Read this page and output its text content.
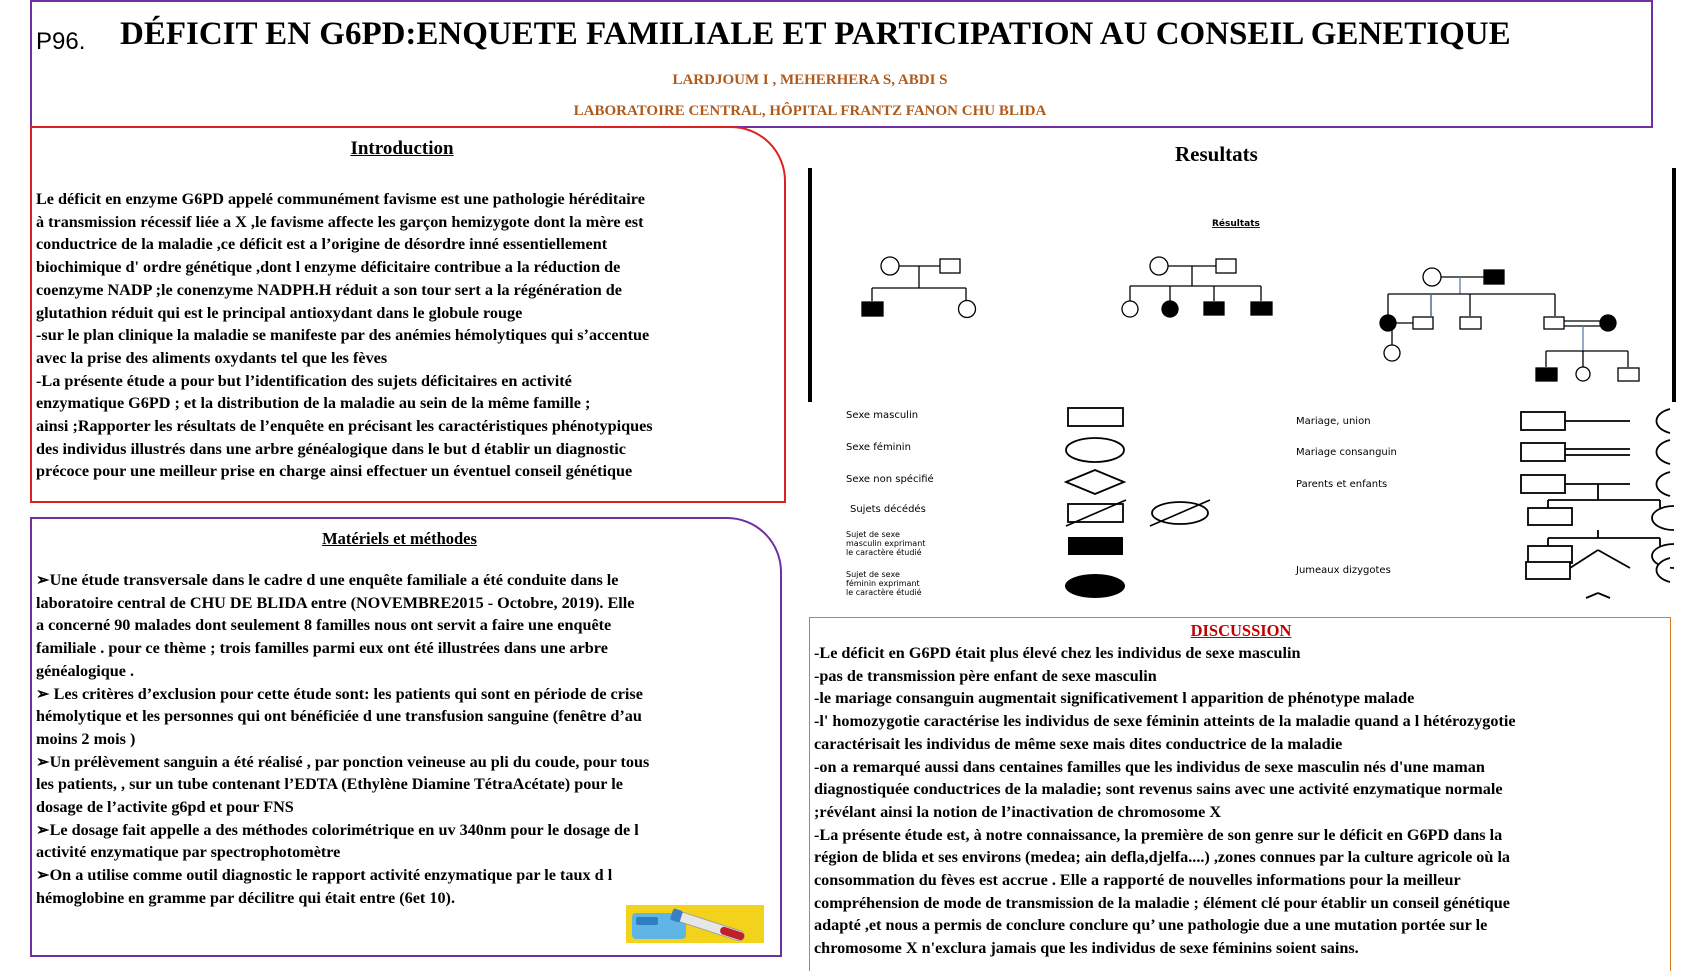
P96. DÉFICIT EN G6PD:ENQUETE FAMILIALE ET PARTICIPATION AU CONSEIL GENETIQUE
LARDJOUM I , MEHERHERA S, ABDI S
LABORATOIRE CENTRAL, HÔPITAL FRANTZ FANON CHU BLIDA
Introduction
Le déficit en enzyme G6PD appelé communément favisme est une pathologie héréditaire
à transmission récessif liée a X ,le favisme affecte les garçon hemizygote dont la mère est
conductrice de la maladie ,ce déficit est a l’origine de désordre inné essentiellement
biochimique d' ordre génétique ,dont l enzyme déficitaire contribue a la réduction de
coenzyme NADP ;le conenzyme NADPH.H réduit a son tour sert a la régénération de
glutathion réduit qui est le principal antioxydant dans le globule rouge
-sur le plan clinique la maladie se manifeste par des anémies hémolytiques qui s’accentue
avec la prise des aliments oxydants tel que les fèves
-La présente étude a pour but l’identification des sujets déficitaires en activité
enzymatique G6PD ; et la distribution de la maladie au sein de la même famille ;
ainsi ;Rapporter les résultats de l’enquête en précisant les caractéristiques phénotypiques
des individus illustrés dans une arbre généalogique dans le but d établir un diagnostic
précoce pour une meilleur prise en charge ainsi effectuer un éventuel conseil génétique
Matériels et méthodes
➢Une étude transversale dans le cadre d une enquête familiale a été conduite dans le
laboratoire central de CHU DE BLIDA entre (NOVEMBRE2015 - Octobre, 2019). Elle
a concerné 90 malades dont seulement 8 familles nous ont servit a faire une enquête
familiale . pour ce thème ; trois familles parmi eux ont été illustrées dans une arbre
généalogique .
➢ Les critères d’exclusion pour cette étude sont: les patients qui sont en période de crise
hémolytique et les personnes qui ont bénéficiée d une transfusion sanguine (fenêtre d’au
moins 2 mois )
➢Un prélèvement sanguin a été réalisé , par ponction veineuse au pli du coude, pour tous
les patients, , sur un tube contenant l’EDTA (Ethylène Diamine TétraAcétate) pour le
dosage de l’activite g6pd et pour FNS
➢Le dosage fait appelle a des méthodes colorimétrique en uv 340nm pour le dosage de l
activité enzymatique par spectrophotomètre
➢On a utilise comme outil diagnostic le rapport activité enzymatique par le taux d l
hémoglobine en gramme par décilitre qui était entre (6et 10).
Resultats
Résultats
Sexe masculin
Sexe féminin
Sexe non spécifié
Sujets décédés
Sujet de sexe masculin exprimant le caractère étudié
Sujet de sexe féminin exprimant le caractère étudié
Mariage, union
Mariage consanguin
Parents et enfants
Jumeaux dizygotes
DISCUSSION
-Le déficit en G6PD était plus élevé chez les individus de sexe masculin
-pas de transmission père enfant de sexe masculin
-le mariage consanguin augmentait significativement l apparition de phénotype malade
-l' homozygotie caractérise les individus de sexe féminin atteints de la maladie quand a l hétérozygotie
caractérisait les individus de même sexe mais dites conductrice de la maladie
-on a remarqué aussi dans centaines familles que les individus de sexe masculin nés d'une maman
diagnostiquée conductrices de la maladie; sont revenus sains avec une activité enzymatique normale
;révélant ainsi la notion de l’inactivation de chromosome X
-La présente étude est, à notre connaissance, la première de son genre sur le déficit en G6PD dans la
région de blida et ses environs (medea; ain defla,djelfa....) ,zones connues par la culture agricole où la
consommation du fèves est accrue . Elle a rapporté de nouvelles informations pour la meilleur
compréhension de mode de transmission de la maladie ; élément clé pour établir un conseil génétique
adapté ,et nous a permis de conclure conclure qu’ une pathologie due a une mutation portée sur le
chromosome X n'exclura jamais que les individus de sexe féminins soient sains.
